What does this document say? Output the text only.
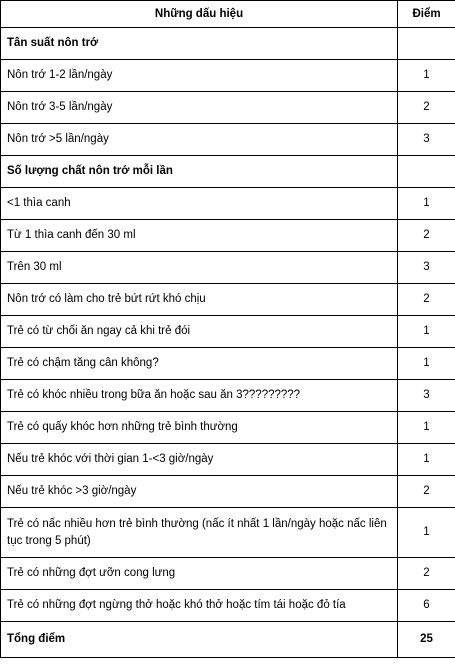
Những dấu hiệu	Điểm
Tân suất nôn trớ	
Nôn trớ 1-2 lần/ngày	1
Nôn trớ 3-5 lần/ngày	2
Nôn trớ >5 lần/ngày	3
Số lượng chất nôn trớ mỗi lần	
<1 thìa canh	1
Từ 1 thìa canh đến 30 ml	2
Trên 30 ml	3
Nôn trớ có làm cho trẻ bứt rứt khó chịu	2
Trẻ có từ chối ăn ngay cả khi trẻ đói	1
Trẻ có chậm tăng cân không?	1
Trẻ có khóc nhiều trong bữa ăn hoặc sau ăn 3?????????	3
Trẻ có quấy khóc hơn những trẻ bình thường	1
Nếu trẻ khóc với thời gian 1-<3 giờ/ngày	1
Nếu trẻ khóc >3 giờ/ngày	2
Trẻ có nấc nhiều hơn trẻ bình thường (nấc ít nhất 1 lần/ngày hoặc nấc liên tục trong 5 phút)	1
Trẻ có những đợt ưỡn cong lưng	2
Trẻ có những đợt ngừng thở hoặc khó thở hoặc tím tái hoặc đỏ tía	6
Tổng điểm	25
